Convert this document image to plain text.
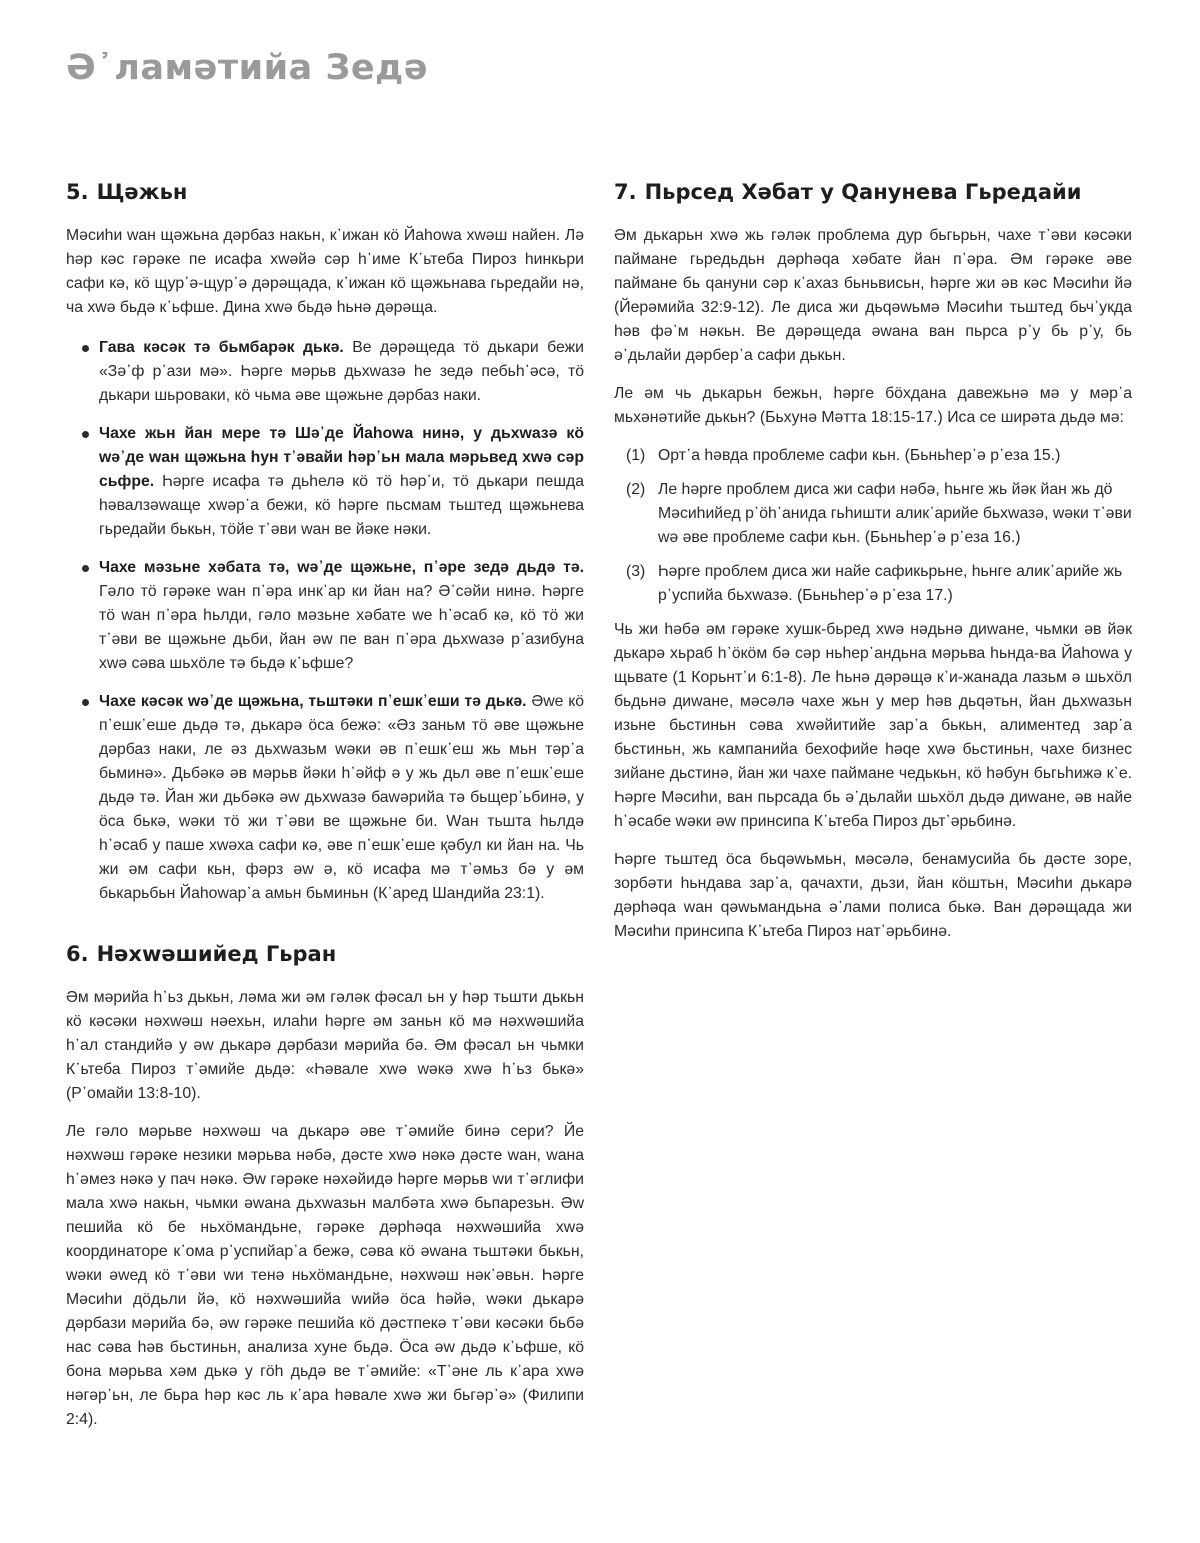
Ә᾽ламәтийа Зедә
5. Щәжьн

Мәсиһи wан щәжьна дәрбаз накьн, к᾽ижан кӧ Йаһоwа хwәш найен. Лә һәр кәс гәрәке пе исафа хwәйә сәр һ᾽име К᾽ьтеба Пироз һинкьри сафи кә, кӧ щур᾽ә-щур᾽ә дәрәщада, к᾽ижан кӧ щәжьнава гьредайи нә, ча хwә бьдә к᾽ьфше. Дина хwә бьдә һьнә дәрәща.

Гава кәсәк тә бьмбарәк дькә. Ве дәрәщеда тӧ дькари бежи «Зә᾽ф р᾽ази мә». Һәрге мәрьв дьхwазә һе зедә пебьһ᾽әсә, тӧ дькари шьроваки, кӧ чьма әве щәжьне дәрбаз наки.
Чахе жьн йан мере тә Шә᾽де Йаһоwа нинә, у дьхwазә кӧ wә᾽де wан щәжьна һун т᾽әвайи һәр᾽ьн мала мәрьвед хwә сәр сьфре. Һәрге исафа тә дьһелә кӧ тӧ һәр᾽и, тӧ дькари пешда һәвалзәwаще хwәр᾽а бежи, кӧ һәрге пьсмам тьштед щәжьнева гьредайи бькьн, тӧйе т᾽әви wан ве йәке нәки.
Чахе мәзьне хәбата тә, wә᾽де щәжьне, п᾽әре зедә дьдә тә. Гәло тӧ гәрәке wан п᾽әра инк᾽ар ки йан на? Ә᾽сәйи нинә. Һәрге тӧ wан п᾽әра һьлди, гәло мәзьне хәбате wе һ᾽әсаб кә, кӧ тӧ жи т᾽әви ве щәжьне дьби, йан әw пе ван п᾽әра дьхwазә р᾽азибуна хwә сәва шьхӧле тә бьдә к᾽ьфше?
Чахе кәсәк wә᾽де щәжьна, тьштәки п᾽ешк᾽еши тә дькә. Әwе кӧ п᾽ешк᾽еше дьдә тә, дькарә ӧса бежә: «Әз заньм тӧ әве щәжьне дәрбаз наки, ле әз дьхwазьм wәки әв п᾽ешк᾽еш жь мьн тәр᾽а бьминә». Дьбәкә әв мәрьв йәки һ᾽әйф ә у жь дьл әве п᾽ешк᾽еше дьдә тә. Йан жи дьбәкә әw дьхwазә баwәрийа тә бьщер᾽ьбинә, у ӧса бькә, wәки тӧ жи т᾽әви ве щәжьне би. Wан тьшта һьлдә һ᾽әсаб у паше хwәха сафи кә, әве п᾽ешк᾽еше қәбул ки йан на. Чь жи әм сафи кьн, фәрз әw ә, кӧ исафа мә т᾽әмьз бә у әм бькарьбьн Йаһоwар᾽а амьн бьминьн (К᾽аред Шандийа 23:1).
6. Нәхwәшийед Гьран

Әм мәрийа һ᾽ьз дькьн, ләма жи әм гәләк фәсал ьн у һәр тьшти дькьн кӧ кәсәки нәхwәш нәехьн, илаһи һәрге әм заньн кӧ мә нәхwәшийа һ᾽ал стандийә у әw дькарә дәрбази мәрийа бә. Әм фәсал ьн чьмки К᾽ьтеба Пироз т᾽әмийе дьдә: «Һәвале хwә wәкә хwә һ᾽ьз бькә» (Р᾽омайи 13:8-10).

Ле гәло мәрьве нәхwәш ча дькарә әве т᾽әмийе бинә сери? Йе нәхwәш гәрәке незики мәрьва нәбә, дәсте хwә нәкә дәсте wан, wана һ᾽әмез нәкә у пач нәкә. Әw гәрәке нәхәйидә һәрге мәрьв wи т᾽әглифи мала хwә накьн, чьмки әwана дьхwазьн малбәта хwә бьпарезьн. Әw пешийа кӧ бе ньхӧмандьне, гәрәке дәрһәqа нәхwәшийа хwә координаторе к᾽ома р᾽успийар᾽а бежә, сәва кӧ әwана тьштәки бькьн, wәки әwед кӧ т᾽әви wи тенә ньхӧмандьне, нәхwәш нәк᾽әвьн. Һәрге Мәсиһи дӧдьли йә, кӧ нәхwәшийа wийә ӧса һәйә, wәки дькарә дәрбази мәрийа бә, әw гәрәке пешийа кӧ дәстпекә т᾽әви кәсәки бьбә нас сәва һәв бьстиньн, анализа хуне бьдә. Ӧса әw дьдә к᾽ьфше, кӧ бона мәрьва хәм дькә у гӧһ дьдә ве т᾽әмийе: «Т᾽әне ль к᾽ара хwә нәгәр᾽ьн, ле бьра һәр кәс ль к᾽ара һәвале хwә жи бьгәр᾽ә» (Филипи 2:4).

7. Пьрсед Хәбат у Qанунева Гьредайи

Әм дькарьн хwә жь гәләк проблема дур бьгьрьн, чахе т᾽әви кәсәки паймане гьредьдьн дәрһәqа хәбате йан п᾽әра. Әм гәрәке әве паймане бь qануни сәр к᾽аxаз бьньвисьн, һәрге жи әв кәс Мәсиһи йә (Йерәмийа 32:9-12). Ле диса жи дьqәwьмә Мәсиһи тьштед бьч᾽укда һәв фә᾽м нәкьн. Ве дәрәщеда әwана ван пьрса р᾽у бь р᾽у, бь ә᾽дьлайи дәрбер᾽а сафи дькьн.

Ле әм чь дькарьн бежьн, һәрге бӧхдана давежьнә мә у мәр᾽а мьхәнәтийе дькьн? (Бьхунә Мәтта 18:15-17.) Иса се ширәта дьдә мә:

(1) Орт᾽а һәвда проблеме сафи кьн. (Бьньһер᾽ә р᾽еза 15.)
(2) Ле һәрге проблем диса жи сафи нәбә, һьнге жь йәк йан жь дӧ Мәсиһийед р᾽ӧһ᾽анида гьһишти алик᾽арийе бьхwазә, wәки т᾽әви wә әве проблеме сафи кьн. (Бьньһер᾽ә р᾽еза 16.)
(3) Һәрге проблем диса жи найе сафикьрьне, һьнге алик᾽арийе жь р᾽успийа бьхwазә. (Бьньһер᾽ә р᾽еза 17.)

Чь жи һәбә әм гәрәке хушк-бьред хwә нәдьнә диwане, чьмки әв йәк дькарә хьраб һ᾽ӧкӧм бә сәр ньһер᾽андьна мәрьва һьнда-ва Йаһоwа у щьвате (1 Корьнт᾽и 6:1-8). Ле һьнә дәрәщә к᾽и-жанада лазьм ә шьхӧл бьдьнә диwане, мәсәлә чахе жьн у мер һәв дьqәтьн, йан дьхwазьн изьне бьстиньн сәва хwәйитийе зар᾽а бькьн, алиментед зар᾽а бьстиньн, жь кампанийа бехофийе һәqе хwә бьстиньн, чахе бизнес зийане дьстинә, йан жи чахе паймане чедькьн, кӧ һәбун бьгьһижә к᾽е. Һәрге Мәсиһи, ван пьрсада бь ә᾽дьлайи шьхӧл дьдә диwане, әв найе һ᾽әсабе wәки әw принсипа К᾽ьтеба Пироз дьт᾽әрьбинә.

Һәрге тьштед ӧса бьqәwьмьн, мәсәлә, бенамусийа бь дәсте зоре, зорбәти һьндава зар᾽а, qачахти, дьзи, йан кӧштьн, Мәсиһи дькарә дәрһәqа wан qәwьмандьна ә᾽лами полиса бькә. Ван дәрәщада жи Мәсиһи принсипа К᾽ьтеба Пироз нат᾽әрьбинә.
